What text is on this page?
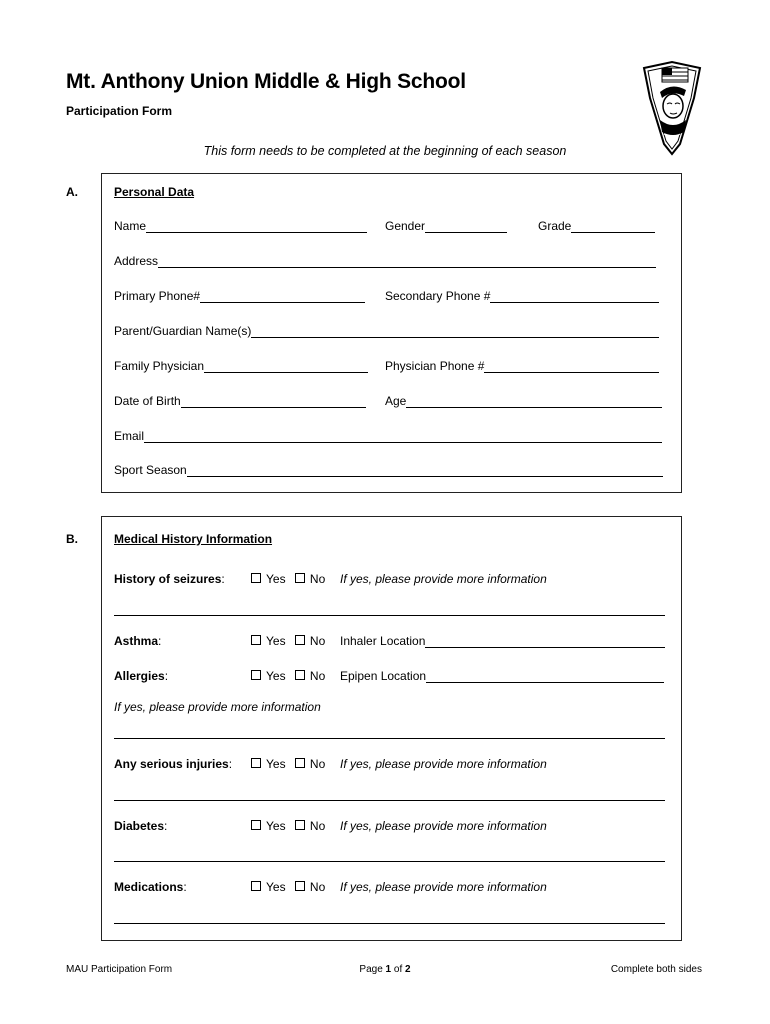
Mt. Anthony Union Middle & High School
Participation Form
This form needs to be completed at the beginning of each season
A.	Personal Data
Name	Gender	Grade
Address
Primary Phone#	Secondary Phone #
Parent/Guardian Name(s)
Family Physician	Physician Phone #
Date of Birth	Age
Email
Sport Season
B.	Medical History Information
History of seizures:	Yes No If yes, please provide more information
Asthma:	Yes No Inhaler Location
Allergies:	Yes No Epipen Location
If yes, please provide more information
Any serious injuries:	Yes No If yes, please provide more information
Diabetes:	Yes No If yes, please provide more information
Medications:	Yes No If yes, please provide more information
MAU Participation Form	Page 1 of 2	Complete both sides
